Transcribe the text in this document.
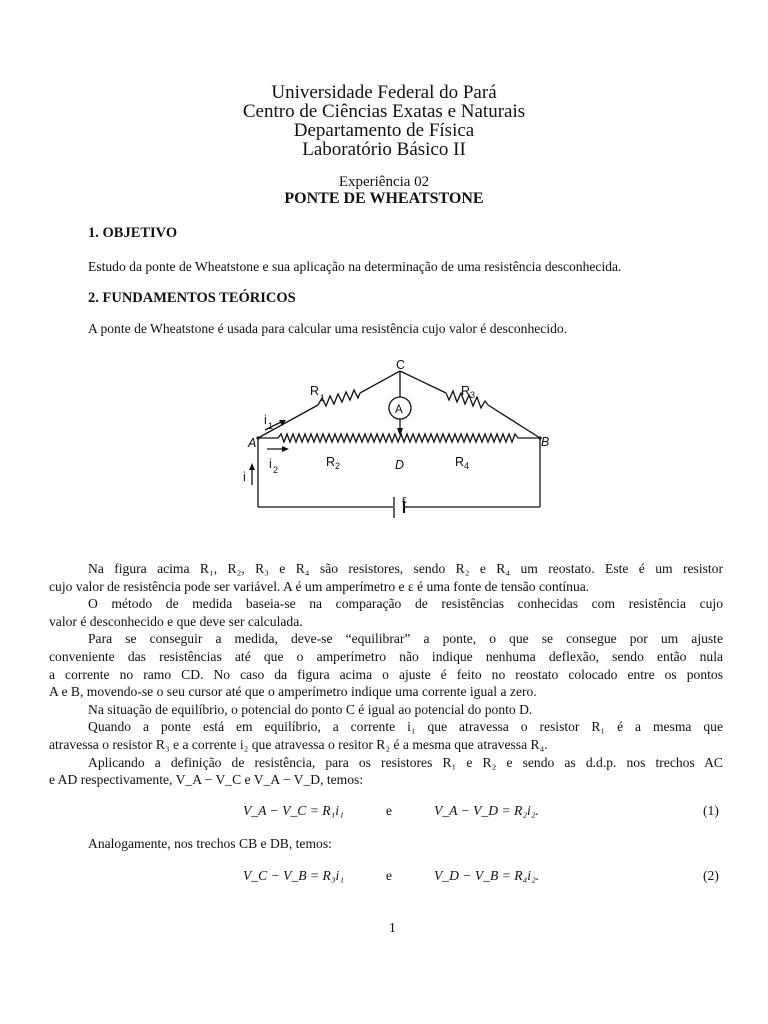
Universidade Federal do Pará
Centro de Ciências Exatas e Naturais
Departamento de Física
Laboratório Básico II
Experiência 02
PONTE DE WHEATSTONE
1. OBJETIVO
Estudo da ponte de Wheatstone e sua aplicação na determinação de uma resistência desconhecida.
2. FUNDAMENTOS TEÓRICOS
A ponte de Wheatstone é usada para calcular uma resistência cujo valor é desconhecido.
C
A	B
D
A
R 1	R 3
R 2	R 4
i 1
i 2
i
ε
Na figura acima R₁, R₂, R₃ e R₄ são resistores, sendo R₂ e R₄ um reostato. Este é um resistor
cujo valor de resistência pode ser variável. A é um amperímetro e ε é uma fonte de tensão contínua.
O método de medida baseia-se na comparação de resistências conhecidas com resistência cujo
valor é desconhecido e que deve ser calculada.
Para se conseguir a medida, deve-se “equilibrar” a ponte, o que se consegue por um ajuste
conveniente das resistências até que o amperímetro não indique nenhuma deflexão, sendo então nula
a corrente no ramo CD. No caso da figura acima o ajuste é feito no reostato colocado entre os pontos
A e B, movendo-se o seu cursor até que o amperímetro indique uma corrente igual a zero.
Na situação de equilíbrio, o potencial do ponto C é igual ao potencial do ponto D.
Quando a ponte está em equilíbrio, a corrente i₁ que atravessa o resistor R₁ é a mesma que
atravessa o resistor R₃ e a corrente i₂ que atravessa o resitor R₂ é a mesma que atravessa R₄.
Aplicando a definição de resistência, para os resistores R₁ e R₂ e sendo as d.d.p. nos trechos AC
e AD respectivamente, V_A − V_C e V_A − V_D, temos:
V_A − V_C = R₁i₁	e	V_A − V_D = R₂i₂.	(1)
Analogamente, nos trechos CB e DB, temos:
V_C − V_B = R₃i₁	e	V_D − V_B = R₄i₂.	(2)
1
